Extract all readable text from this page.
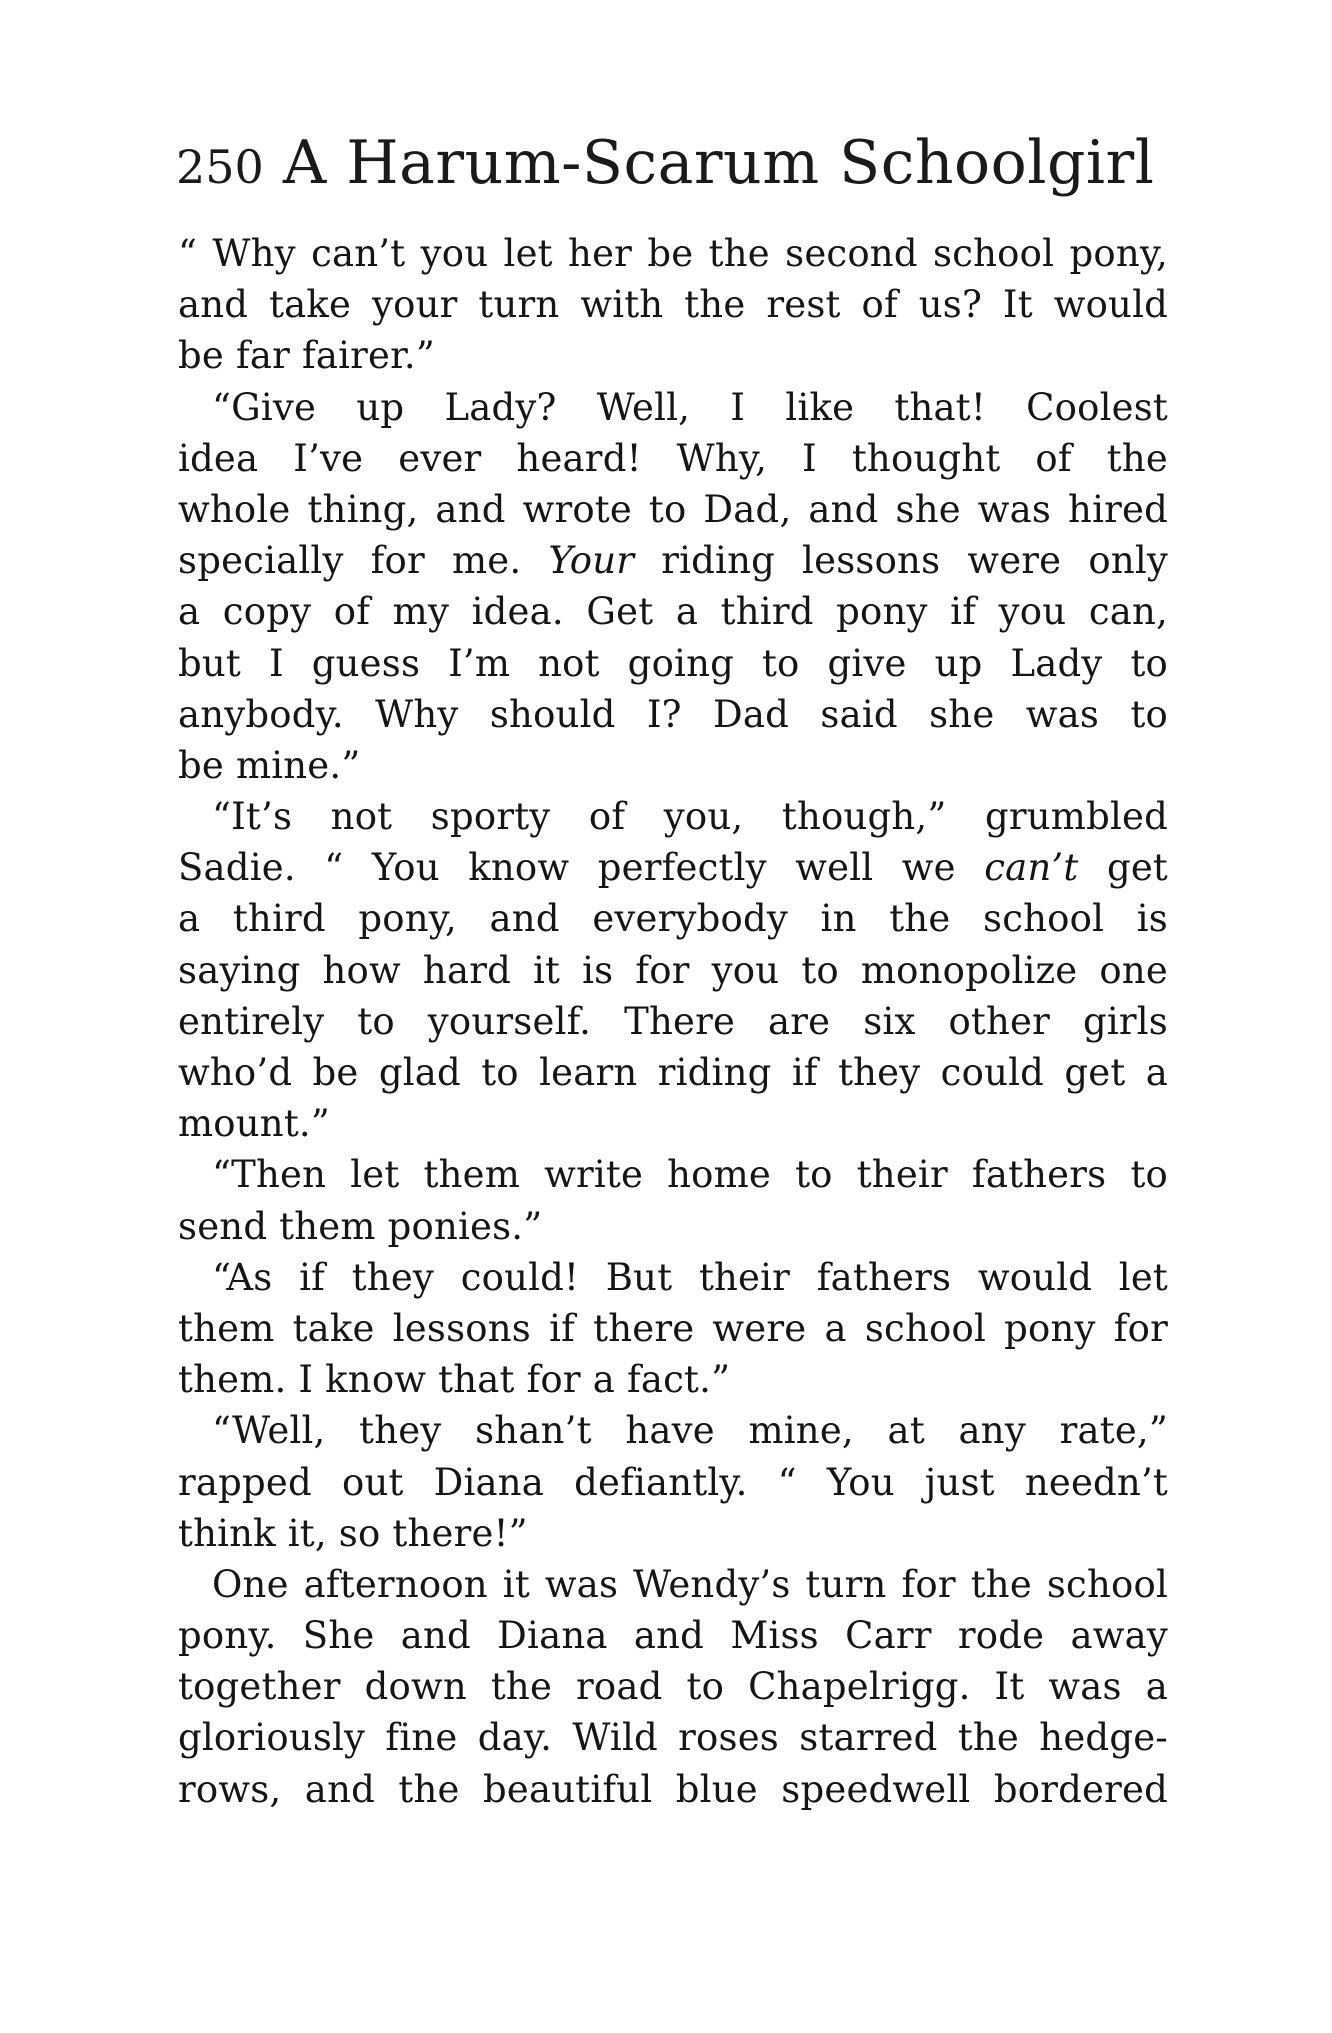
250 A Harum-Scarum Schoolgirl
“ Why can’t you let her be the second school pony,
and take your turn with the rest of us? It would
be far fairer.”
“Give up Lady? Well, I like that! Coolest
idea I’ve ever heard! Why, I thought of the
whole thing, and wrote to Dad, and she was hired
specially for me. Your riding lessons were only
a copy of my idea. Get a third pony if you can,
but I guess I’m not going to give up Lady to
anybody. Why should I? Dad said she was to
be mine.”
“It’s not sporty of you, though,” grumbled
Sadie. “ You know perfectly well we can’t get
a third pony, and everybody in the school is
saying how hard it is for you to monopolize one
entirely to yourself. There are six other girls
who’d be glad to learn riding if they could get a
mount.”
“Then let them write home to their fathers to
send them ponies.”
“As if they could! But their fathers would let
them take lessons if there were a school pony for
them. I know that for a fact.”
“Well, they shan’t have mine, at any rate,”
rapped out Diana defiantly. “ You just needn’t
think it, so there!”
One afternoon it was Wendy’s turn for the school
pony. She and Diana and Miss Carr rode away
together down the road to Chapelrigg. It was a
gloriously fine day. Wild roses starred the hedge-
rows, and the beautiful blue speedwell bordered
